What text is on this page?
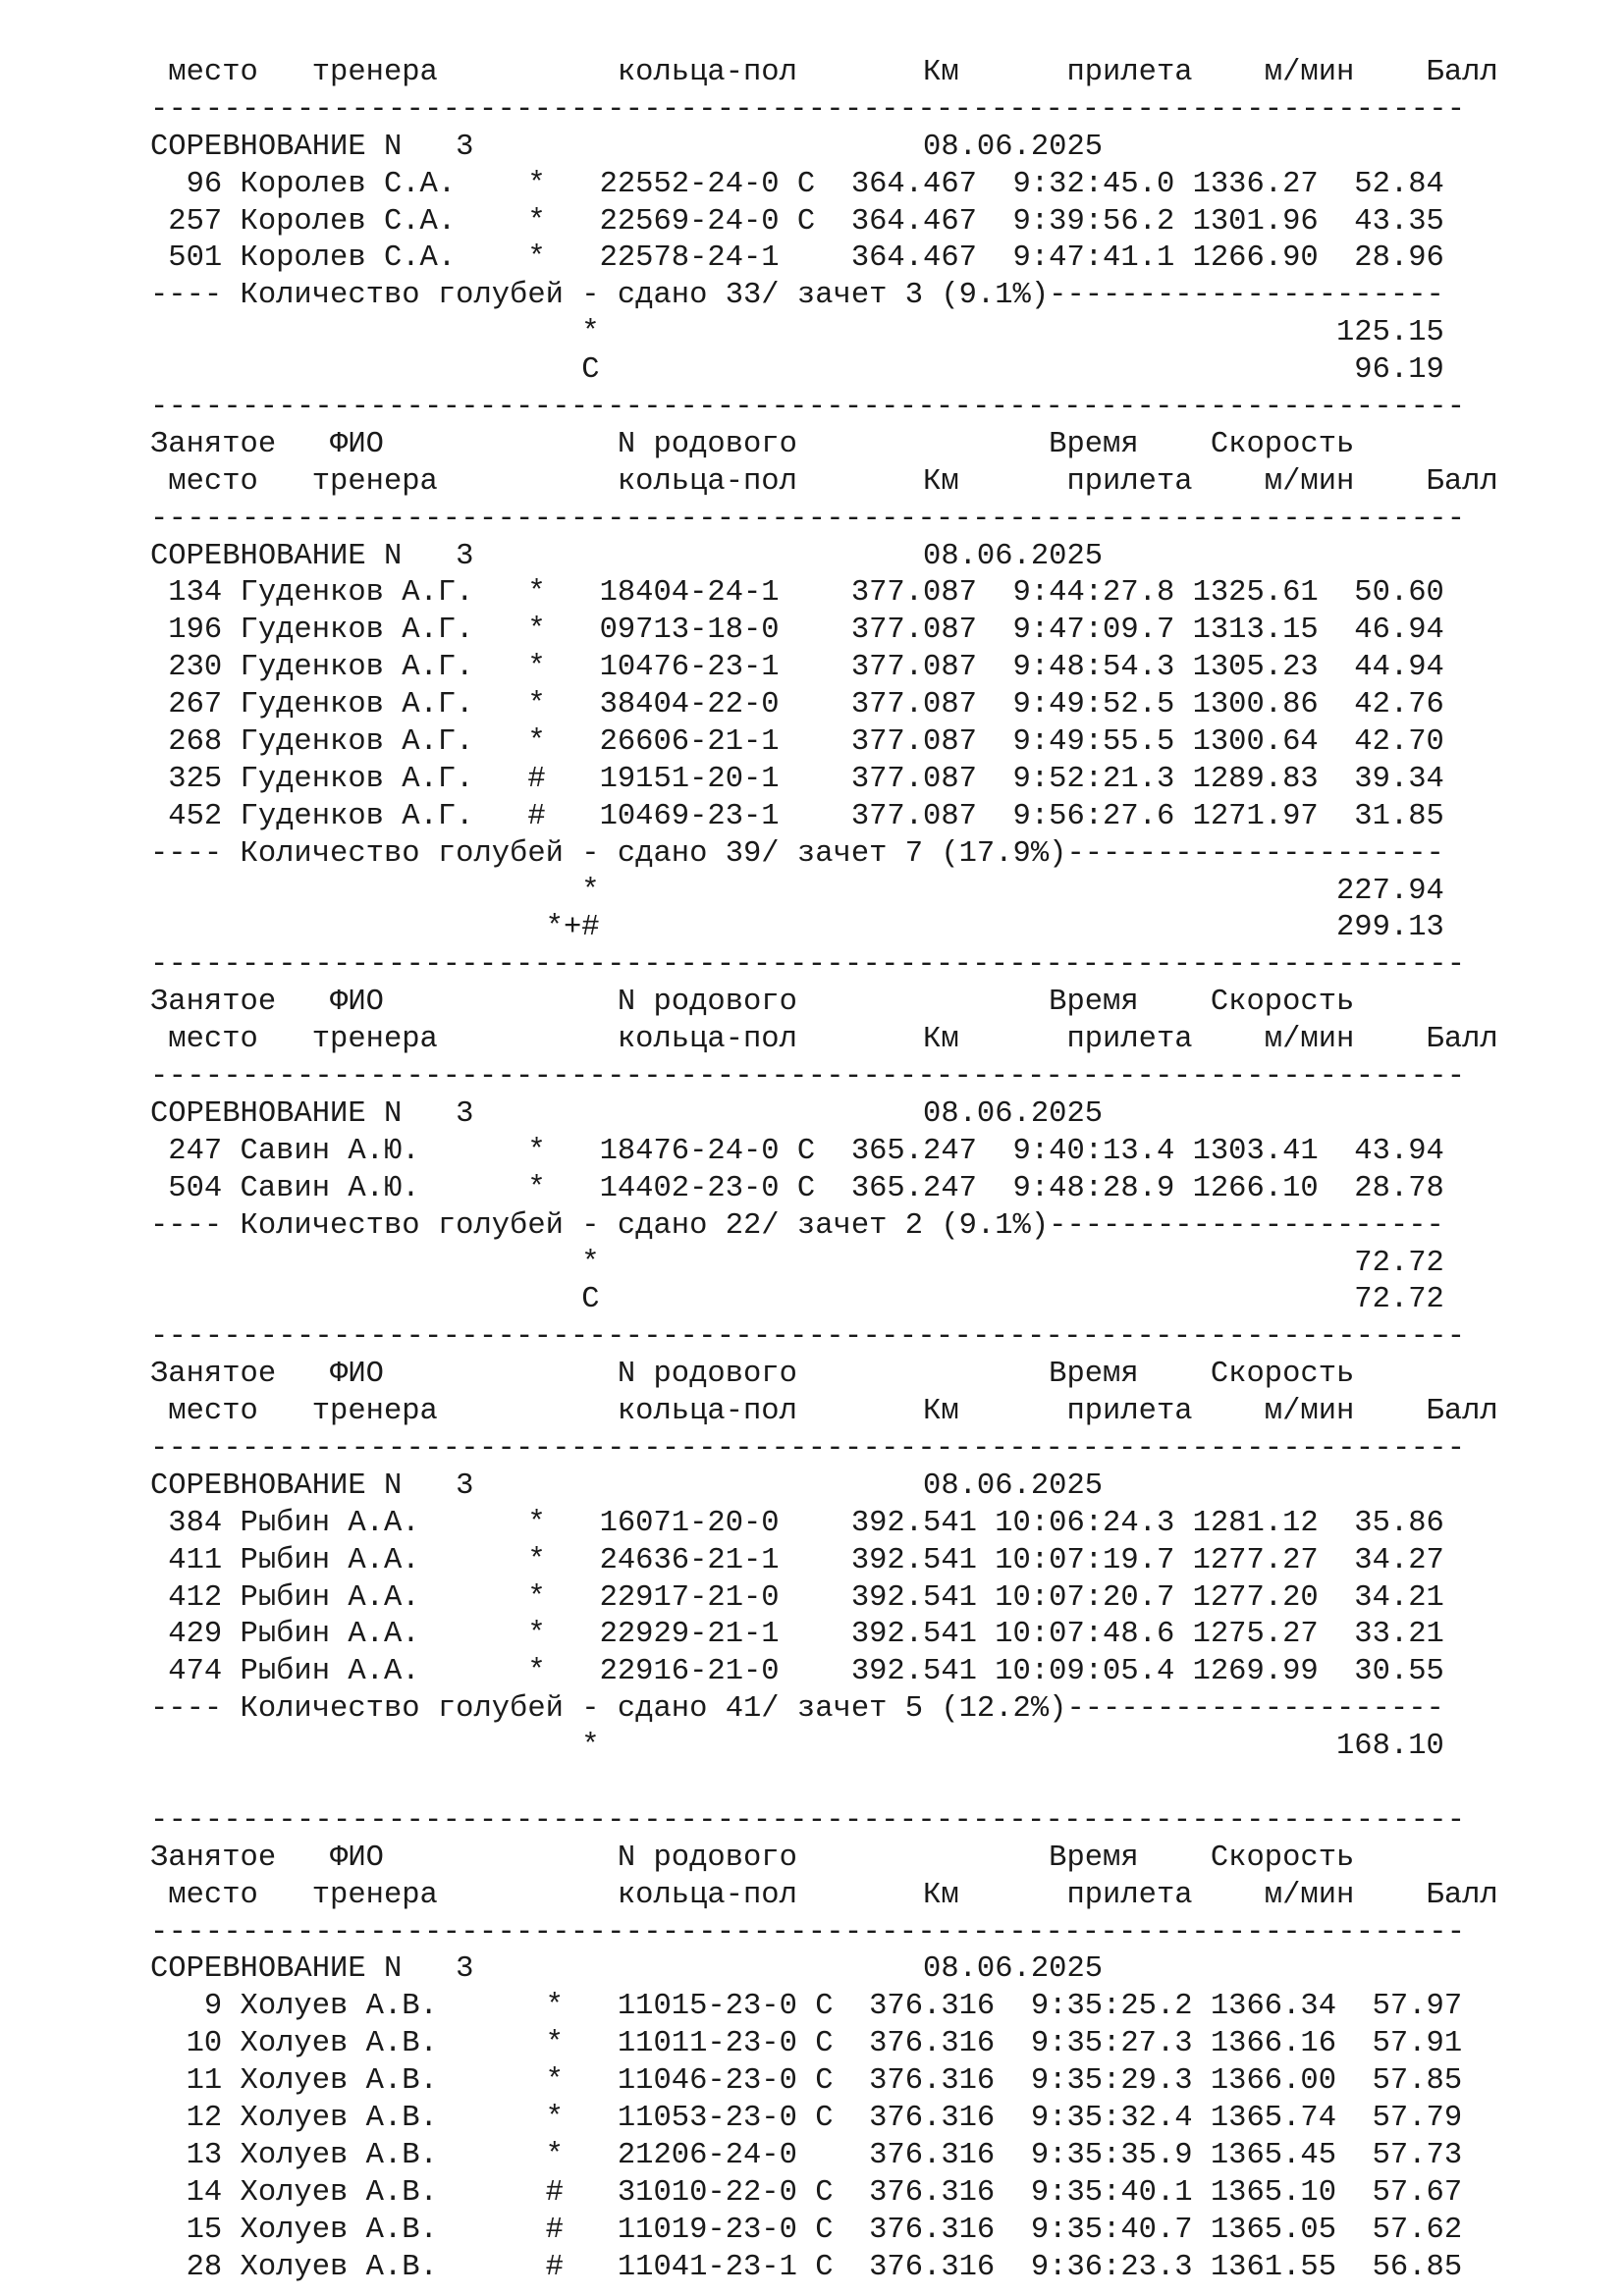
место   тренера          кольца-пол       Км      прилета    м/мин    Балл
------------------------------------------------------------------------
СОРЕВНОВАНИЕ N   3                         08.06.2025
96 Королев С.А.    *   22552-24-0 С  364.467  9:32:45.0 1336.27  52.84
257 Королев С.А.    *   22569-24-0 С  364.467  9:39:56.2 1301.96  43.35
501 Королев С.А.    *   22578-24-1    364.467  9:47:41.1 1266.90  28.96
---- Количество голубей - сдано 33/ зачет 3 (9.1%)----------------------
*                                         125.15
С                                          96.19
------------------------------------------------------------------------
Занятое   ФИО             N родового              Время    Скорость
место   тренера          кольца-пол       Км      прилета    м/мин    Балл
------------------------------------------------------------------------
СОРЕВНОВАНИЕ N   3                         08.06.2025
134 Гуденков А.Г.   *   18404-24-1    377.087  9:44:27.8 1325.61  50.60
196 Гуденков А.Г.   *   09713-18-0    377.087  9:47:09.7 1313.15  46.94
230 Гуденков А.Г.   *   10476-23-1    377.087  9:48:54.3 1305.23  44.94
267 Гуденков А.Г.   *   38404-22-0    377.087  9:49:52.5 1300.86  42.76
268 Гуденков А.Г.   *   26606-21-1    377.087  9:49:55.5 1300.64  42.70
325 Гуденков А.Г.   #   19151-20-1    377.087  9:52:21.3 1289.83  39.34
452 Гуденков А.Г.   #   10469-23-1    377.087  9:56:27.6 1271.97  31.85
---- Количество голубей - сдано 39/ зачет 7 (17.9%)---------------------
*                                         227.94
*+#                                         299.13
------------------------------------------------------------------------
Занятое   ФИО             N родового              Время    Скорость
место   тренера          кольца-пол       Км      прилета    м/мин    Балл
------------------------------------------------------------------------
СОРЕВНОВАНИЕ N   3                         08.06.2025
247 Савин А.Ю.      *   18476-24-0 С  365.247  9:40:13.4 1303.41  43.94
504 Савин А.Ю.      *   14402-23-0 С  365.247  9:48:28.9 1266.10  28.78
---- Количество голубей - сдано 22/ зачет 2 (9.1%)----------------------
*                                          72.72
С                                          72.72
------------------------------------------------------------------------
Занятое   ФИО             N родового              Время    Скорость
место   тренера          кольца-пол       Км      прилета    м/мин    Балл
------------------------------------------------------------------------
СОРЕВНОВАНИЕ N   3                         08.06.2025
384 Рыбин А.А.      *   16071-20-0    392.541 10:06:24.3 1281.12  35.86
411 Рыбин А.А.      *   24636-21-1    392.541 10:07:19.7 1277.27  34.27
412 Рыбин А.А.      *   22917-21-0    392.541 10:07:20.7 1277.20  34.21
429 Рыбин А.А.      *   22929-21-1    392.541 10:07:48.6 1275.27  33.21
474 Рыбин А.А.      *   22916-21-0    392.541 10:09:05.4 1269.99  30.55
---- Количество голубей - сдано 41/ зачет 5 (12.2%)---------------------
*                                         168.10
------------------------------------------------------------------------
Занятое   ФИО             N родового              Время    Скорость
место   тренера          кольца-пол       Км      прилета    м/мин    Балл
------------------------------------------------------------------------
СОРЕВНОВАНИЕ N   3                         08.06.2025
9 Холуев А.В.      *   11015-23-0 С  376.316  9:35:25.2 1366.34  57.97
10 Холуев А.В.      *   11011-23-0 С  376.316  9:35:27.3 1366.16  57.91
11 Холуев А.В.      *   11046-23-0 С  376.316  9:35:29.3 1366.00  57.85
12 Холуев А.В.      *   11053-23-0 С  376.316  9:35:32.4 1365.74  57.79
13 Холуев А.В.      *   21206-24-0    376.316  9:35:35.9 1365.45  57.73
14 Холуев А.В.      #   31010-22-0 С  376.316  9:35:40.1 1365.10  57.67
15 Холуев А.В.      #   11019-23-0 С  376.316  9:35:40.7 1365.05  57.62
28 Холуев А.В.      #   11041-23-1 С  376.316  9:36:23.3 1361.55  56.85
